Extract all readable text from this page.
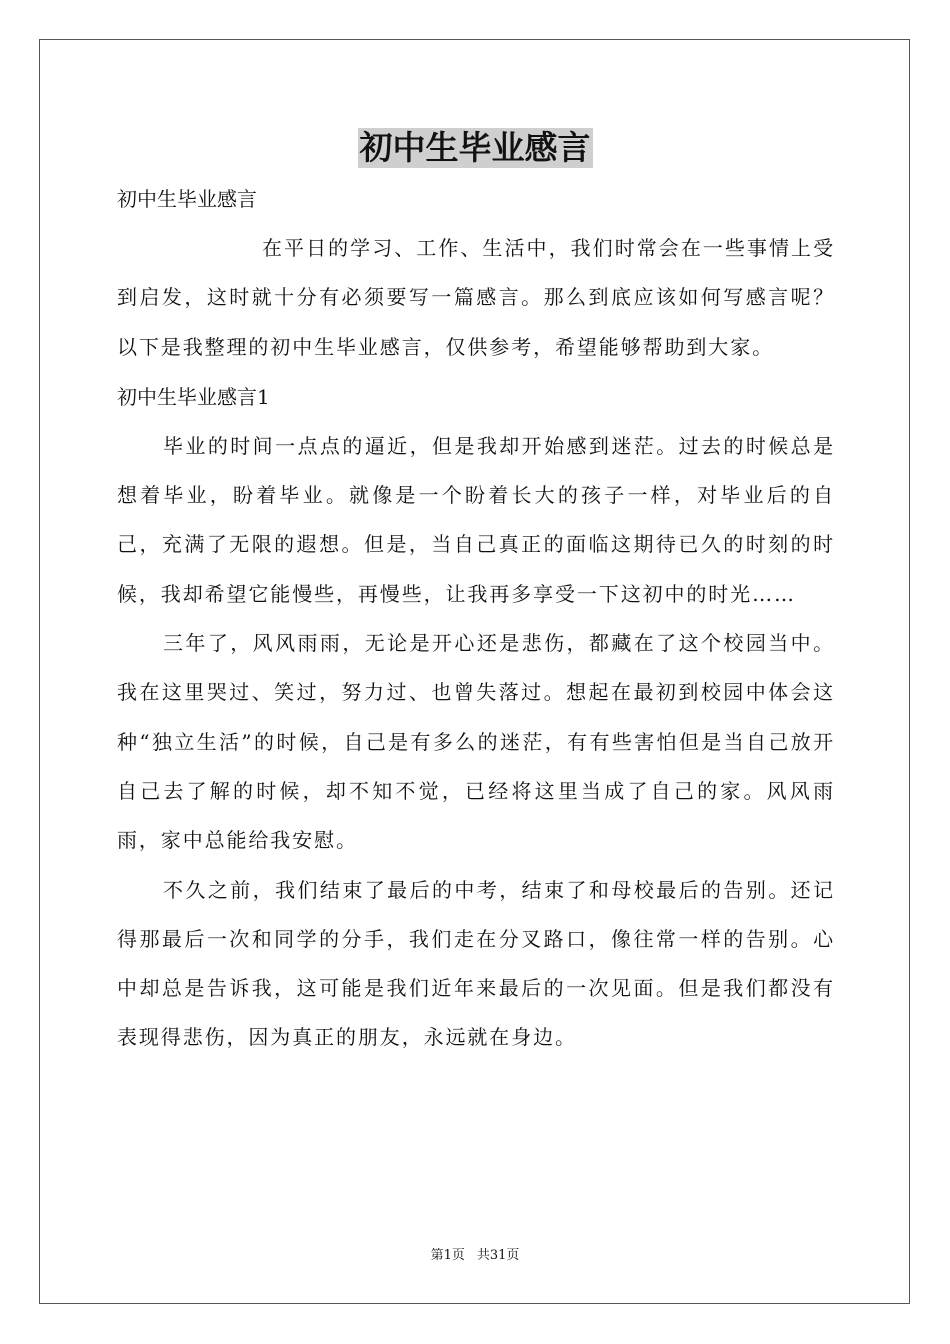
初中生毕业感言

初中生毕业感言

在平日的学习、工作、生活中，我们时常会在一些事情上受到启发，这时就十分有必须要写一篇感言。那么到底应该如何写感言呢？以下是我整理的初中生毕业感言，仅供参考，希望能够帮助到大家。

初中生毕业感言1

毕业的时间一点点的逼近，但是我却开始感到迷茫。过去的时候总是想着毕业，盼着毕业。就像是一个盼着长大的孩子一样，对毕业后的自己，充满了无限的遐想。但是，当自己真正的面临这期待已久的时刻的时候，我却希望它能慢些，再慢些，让我再多享受一下这初中的时光……

三年了，风风雨雨，无论是开心还是悲伤，都藏在了这个校园当中。我在这里哭过、笑过，努力过、也曾失落过。想起在最初到校园中体会这种“独立生活”的时候，自己是有多么的迷茫，有有些害怕但是当自己放开自己去了解的时候，却不知不觉，已经将这里当成了自己的家。风风雨雨，家中总能给我安慰。

不久之前，我们结束了最后的中考，结束了和母校最后的告别。还记得那最后一次和同学的分手，我们走在分叉路口，像往常一样的告别。心中却总是告诉我，这可能是我们近年来最后的一次见面。但是我们都没有表现得悲伤，因为真正的朋友，永远就在身边。

第1页 共31页
